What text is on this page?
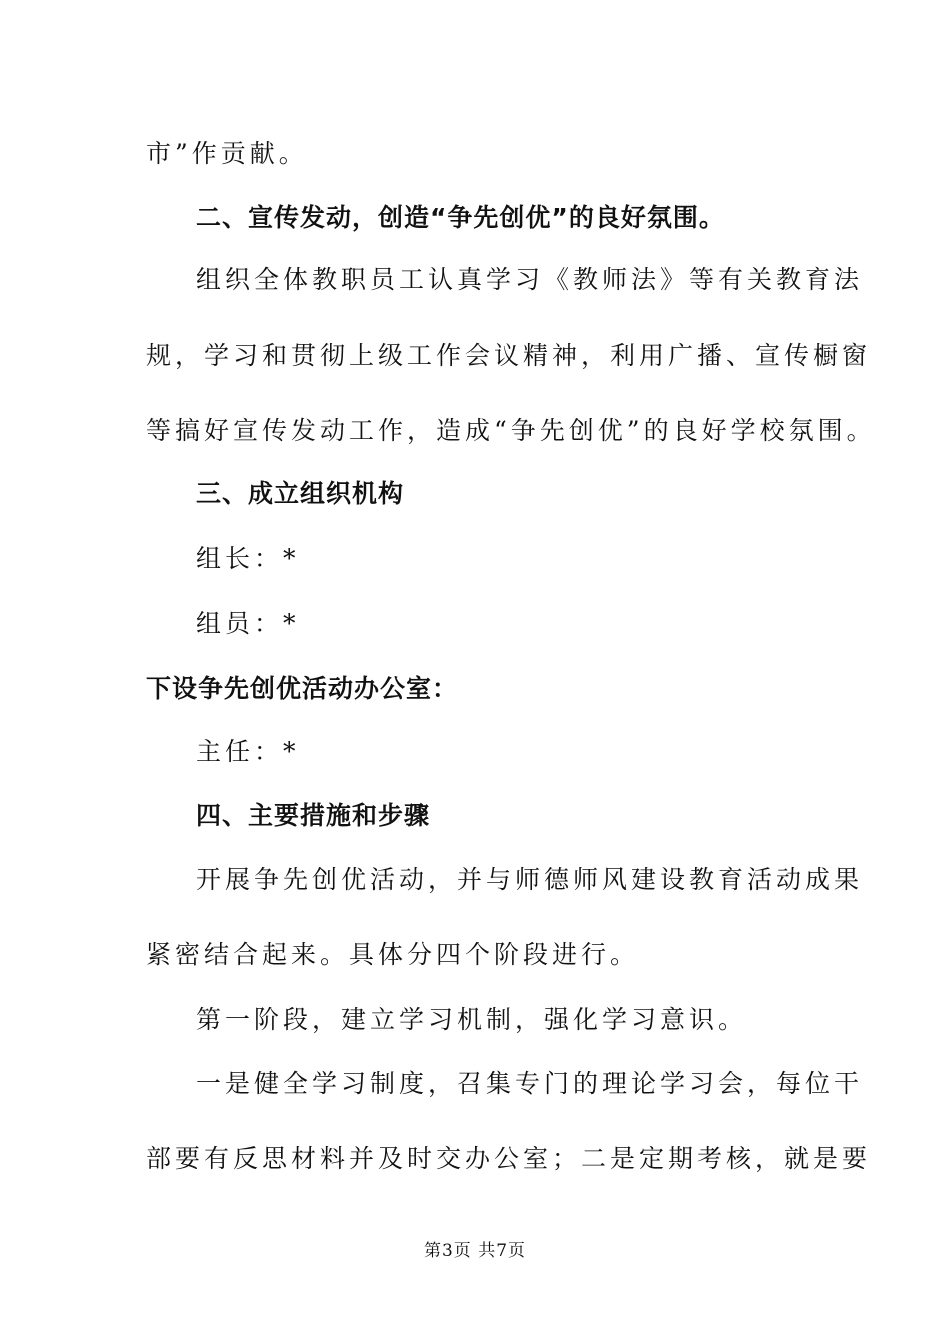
市”作贡献。
二、宣传发动，创造“争先创优”的良好氛围。
组织全体教职员工认真学习《教师法》等有关教育法
规，学习和贯彻上级工作会议精神，利用广播、宣传橱窗
等搞好宣传发动工作，造成“争先创优”的良好学校氛围。
三、成立组织机构
组长：*
组员：*
下设争先创优活动办公室：
主任：*
四、主要措施和步骤
开展争先创优活动，并与师德师风建设教育活动成果
紧密结合起来。具体分四个阶段进行。
第一阶段，建立学习机制，强化学习意识。
一是健全学习制度，召集专门的理论学习会，每位干
部要有反思材料并及时交办公室；二是定期考核，就是要
第3页 共7页
